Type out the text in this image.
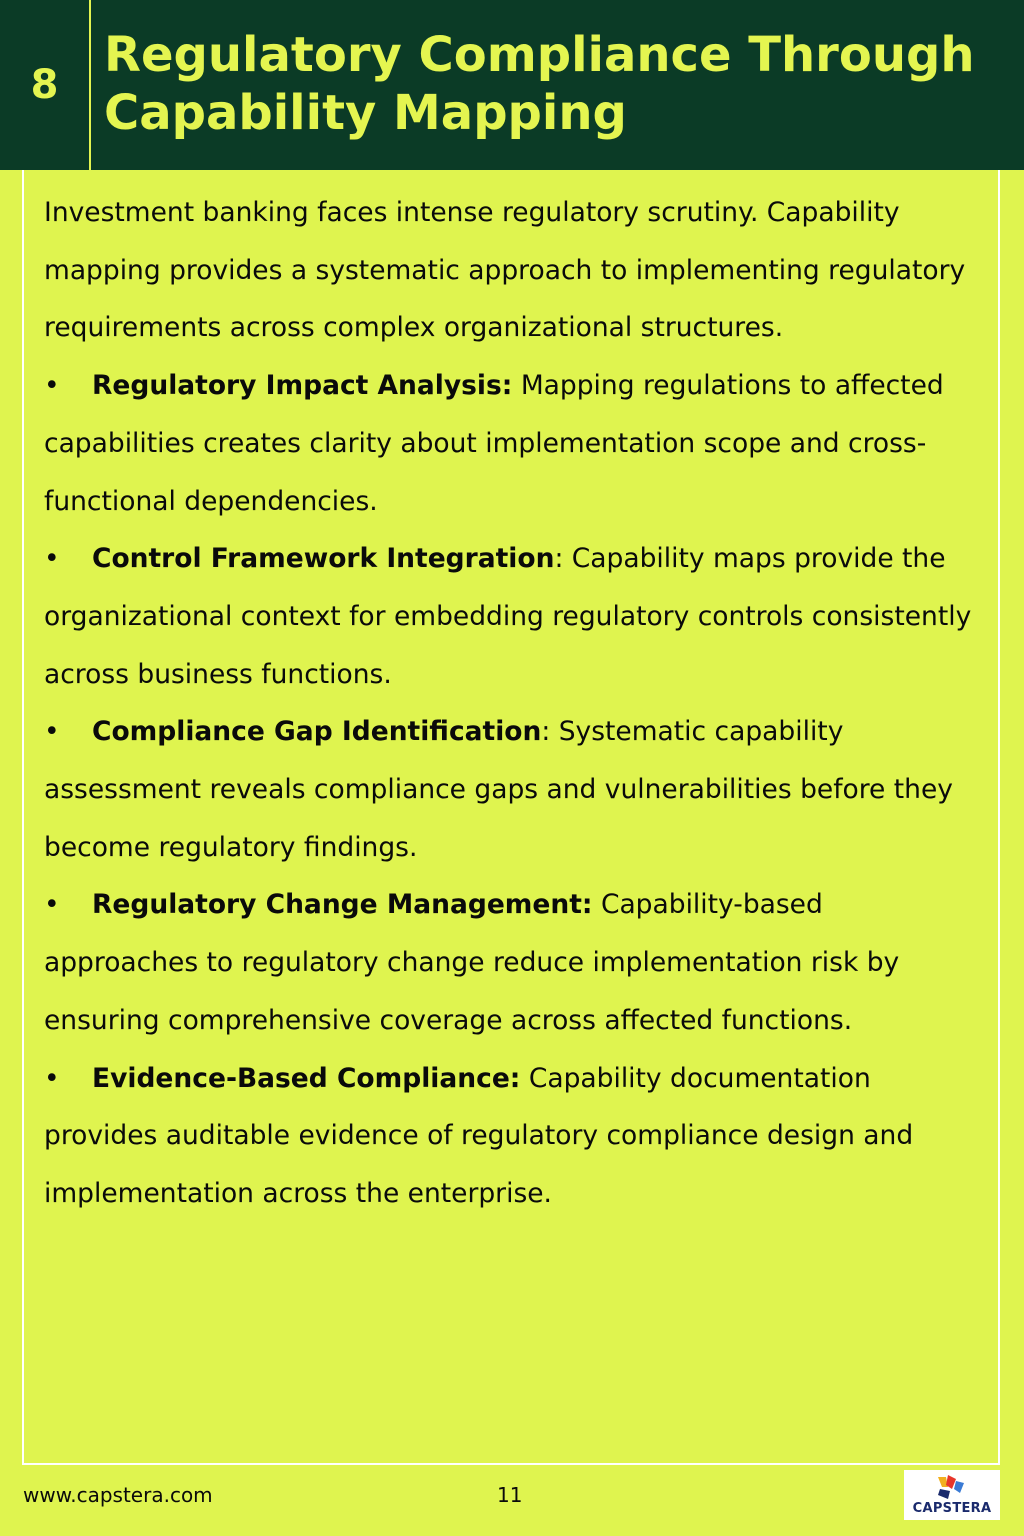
8
Regulatory Compliance Through
Capability Mapping

Investment banking faces intense regulatory scrutiny. Capability mapping provides a systematic approach to implementing regulatory requirements across complex organizational structures.

• Regulatory Impact Analysis: Mapping regulations to affected capabilities creates clarity about implementation scope and cross-functional dependencies.

• Control Framework Integration: Capability maps provide the organizational context for embedding regulatory controls consistently across business functions.

• Compliance Gap Identification: Systematic capability assessment reveals compliance gaps and vulnerabilities before they become regulatory findings.

• Regulatory Change Management: Capability-based approaches to regulatory change reduce implementation risk by ensuring comprehensive coverage across affected functions.

• Evidence-Based Compliance: Capability documentation provides auditable evidence of regulatory compliance design and implementation across the enterprise.

www.capstera.com	11
CAPSTERA
